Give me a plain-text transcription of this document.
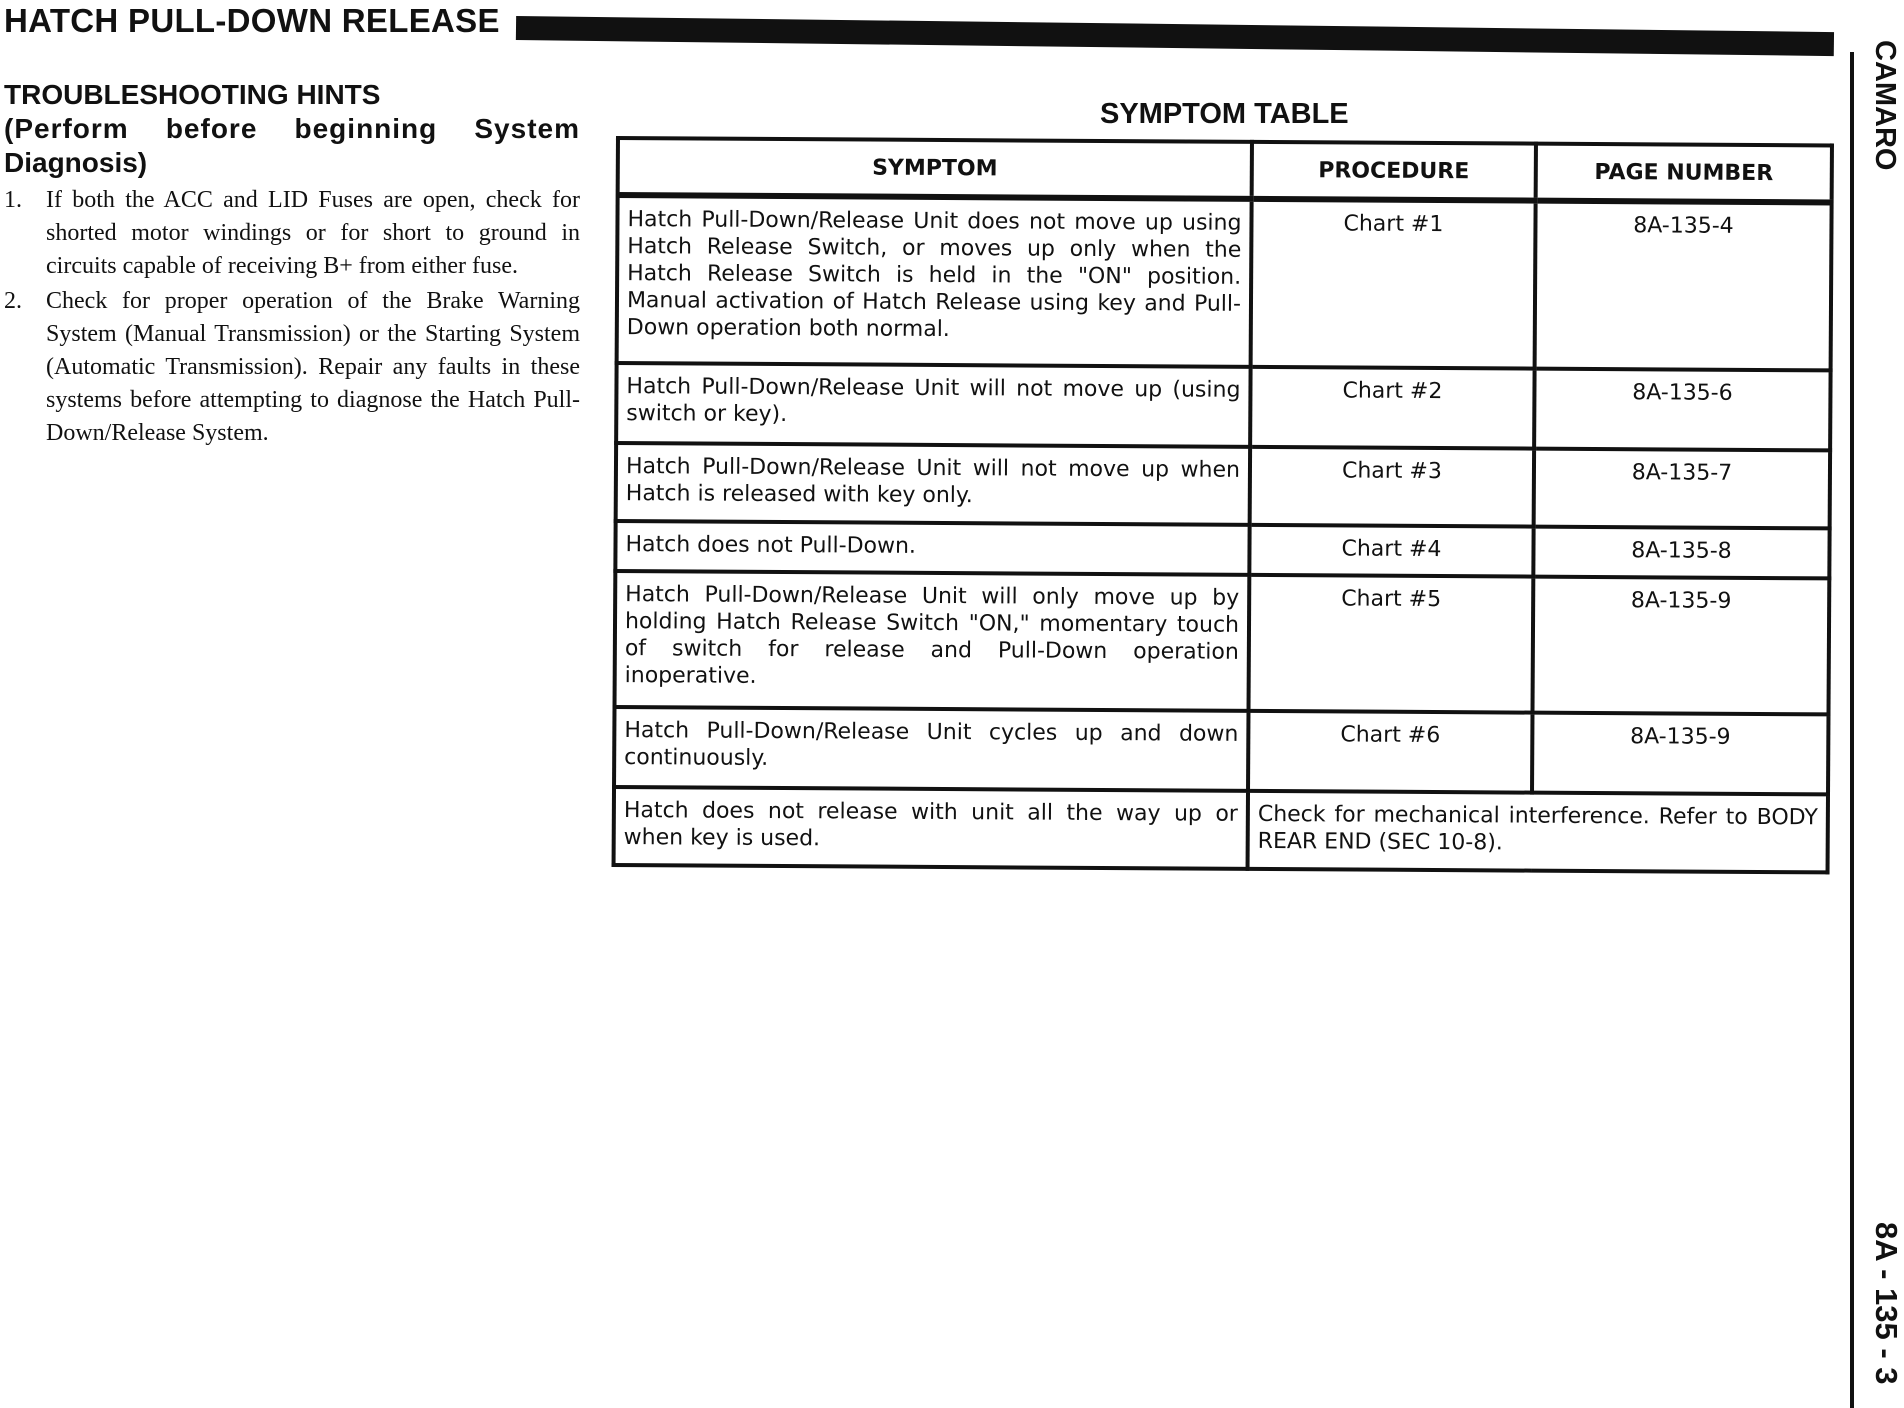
HATCH PULL-DOWN RELEASE
CAMARO
8A - 135 - 3
TROUBLESHOOTING HINTS
(Perform before beginning System
Diagnosis)
1. If both the ACC and LID Fuses are open, check for shorted motor windings or for short to ground in circuits capable of receiving B+ from either fuse.
2. Check for proper operation of the Brake Warning System (Manual Transmission) or the Starting System (Automatic Transmission). Repair any faults in these systems before attempting to diagnose the Hatch Pull-Down/Release System.
SYMPTOM TABLE
SYMPTOM	PROCEDURE	PAGE NUMBER
Hatch Pull-Down/Release Unit does not move up using Hatch Release Switch, or moves up only when the Hatch Release Switch is held in the "ON" position. Manual activation of Hatch Release using key and Pull-Down operation both normal.	Chart #1	8A-135-4
Hatch Pull-Down/Release Unit will not move up (using switch or key).	Chart #2	8A-135-6
Hatch Pull-Down/Release Unit will not move up when Hatch is released with key only.	Chart #3	8A-135-7
Hatch does not Pull-Down.	Chart #4	8A-135-8
Hatch Pull-Down/Release Unit will only move up by holding Hatch Release Switch "ON," momentary touch of switch for release and Pull-Down operation inoperative.	Chart #5	8A-135-9
Hatch Pull-Down/Release Unit cycles up and down continuously.	Chart #6	8A-135-9
Hatch does not release with unit all the way up or when key is used.	Check for mechanical interference. Refer to BODY REAR END (SEC 10-8).	
